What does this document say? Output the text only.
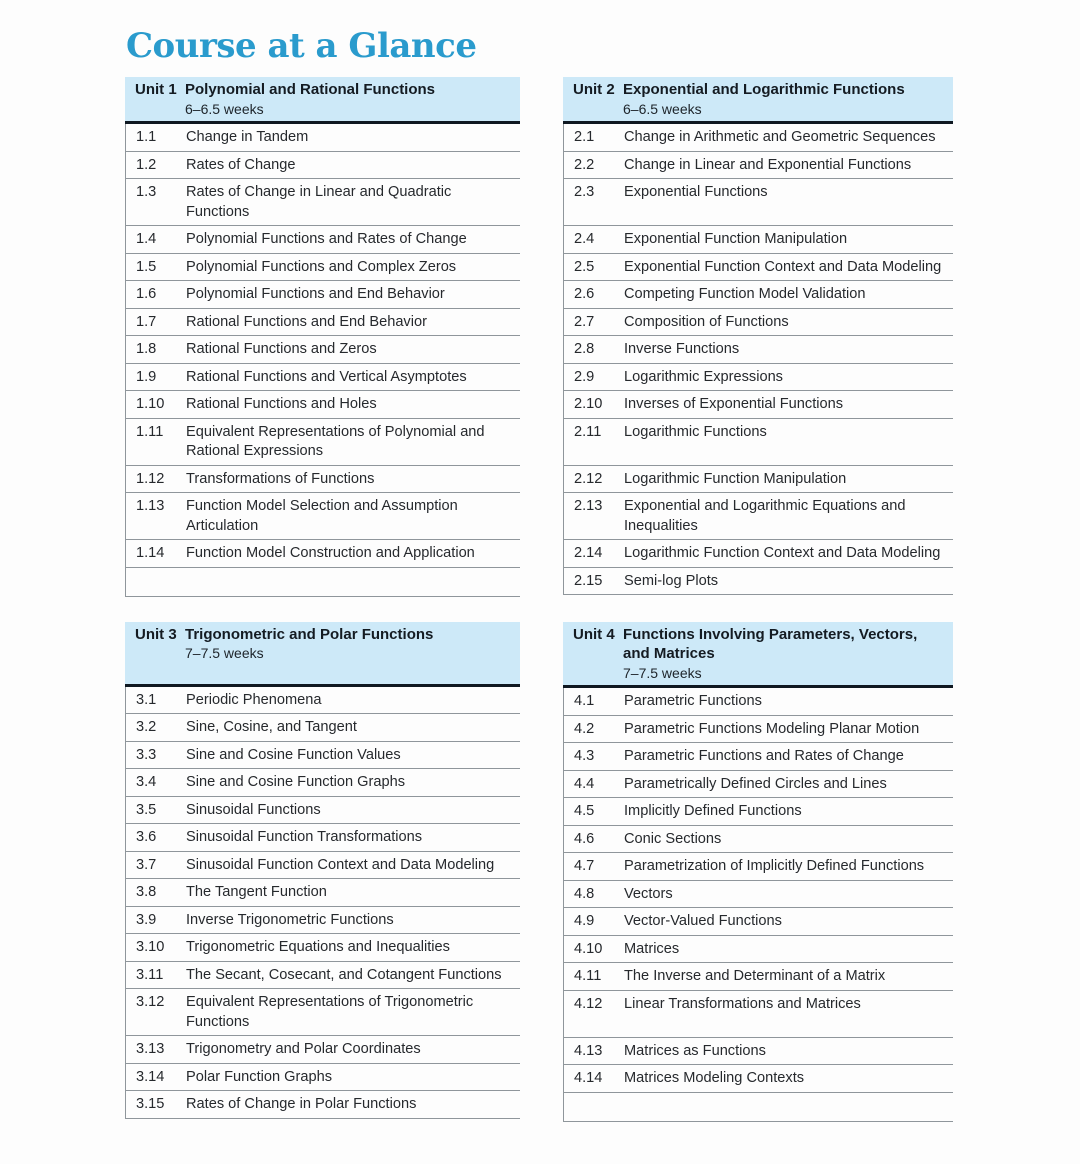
Course at a Glance
Unit 1 Polynomial and Rational Functions
6–6.5 weeks
1.1	Change in Tandem
1.2	Rates of Change
1.3	Rates of Change in Linear and Quadratic Functions
1.4	Polynomial Functions and Rates of Change
1.5	Polynomial Functions and Complex Zeros
1.6	Polynomial Functions and End Behavior
1.7	Rational Functions and End Behavior
1.8	Rational Functions and Zeros
1.9	Rational Functions and Vertical Asymptotes
1.10	Rational Functions and Holes
1.11	Equivalent Representations of Polynomial and Rational Expressions
1.12	Transformations of Functions
1.13	Function Model Selection and Assumption Articulation
1.14	Function Model Construction and Application
Unit 2 Exponential and Logarithmic Functions
6–6.5 weeks
2.1	Change in Arithmetic and Geometric Sequences
2.2	Change in Linear and Exponential Functions
2.3	Exponential Functions
2.4	Exponential Function Manipulation
2.5	Exponential Function Context and Data Modeling
2.6	Competing Function Model Validation
2.7	Composition of Functions
2.8	Inverse Functions
2.9	Logarithmic Expressions
2.10	Inverses of Exponential Functions
2.11	Logarithmic Functions
2.12	Logarithmic Function Manipulation
2.13	Exponential and Logarithmic Equations and Inequalities
2.14	Logarithmic Function Context and Data Modeling
2.15	Semi-log Plots
Unit 3 Trigonometric and Polar Functions
7–7.5 weeks
3.1	Periodic Phenomena
3.2	Sine, Cosine, and Tangent
3.3	Sine and Cosine Function Values
3.4	Sine and Cosine Function Graphs
3.5	Sinusoidal Functions
3.6	Sinusoidal Function Transformations
3.7	Sinusoidal Function Context and Data Modeling
3.8	The Tangent Function
3.9	Inverse Trigonometric Functions
3.10	Trigonometric Equations and Inequalities
3.11	The Secant, Cosecant, and Cotangent Functions
3.12	Equivalent Representations of Trigonometric Functions
3.13	Trigonometry and Polar Coordinates
3.14	Polar Function Graphs
3.15	Rates of Change in Polar Functions
Unit 4 Functions Involving Parameters, Vectors, and Matrices
7–7.5 weeks
4.1	Parametric Functions
4.2	Parametric Functions Modeling Planar Motion
4.3	Parametric Functions and Rates of Change
4.4	Parametrically Defined Circles and Lines
4.5	Implicitly Defined Functions
4.6	Conic Sections
4.7	Parametrization of Implicitly Defined Functions
4.8	Vectors
4.9	Vector-Valued Functions
4.10	Matrices
4.11	The Inverse and Determinant of a Matrix
4.12	Linear Transformations and Matrices
4.13	Matrices as Functions
4.14	Matrices Modeling Contexts
